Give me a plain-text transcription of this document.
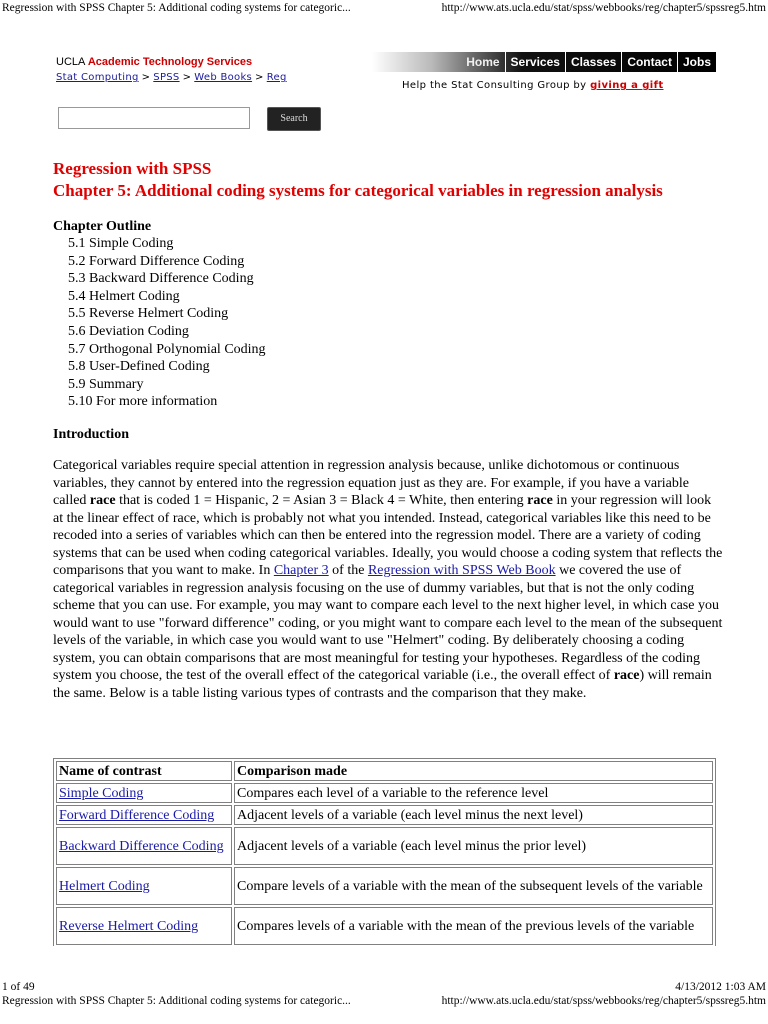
Regression with SPSS Chapter 5: Additional coding systems for categoric...	http://www.ats.ucla.edu/stat/spss/webbooks/reg/chapter5/spssreg5.htm
UCLA Academic Technology Services
Stat Computing > SPSS > Web Books > Reg
Home Services Classes Contact Jobs
Help the Stat Consulting Group by giving a gift
Search
Regression with SPSS
Chapter 5: Additional coding systems for categorical variables in regression analysis
Chapter Outline
5.1 Simple Coding
5.2 Forward Difference Coding
5.3 Backward Difference Coding
5.4 Helmert Coding
5.5 Reverse Helmert Coding
5.6 Deviation Coding
5.7 Orthogonal Polynomial Coding
5.8 User-Defined Coding
5.9 Summary
5.10 For more information
Introduction

Categorical variables require special attention in regression analysis because, unlike dichotomous or continuous variables, they cannot by entered into the regression equation just as they are. For example, if you have a variable called race that is coded 1 = Hispanic, 2 = Asian 3 = Black 4 = White, then entering race in your regression will look at the linear effect of race, which is probably not what you intended. Instead, categorical variables like this need to be recoded into a series of variables which can then be entered into the regression model. There are a variety of coding systems that can be used when coding categorical variables. Ideally, you would choose a coding system that reflects the comparisons that you want to make. In Chapter 3 of the Regression with SPSS Web Book we covered the use of categorical variables in regression analysis focusing on the use of dummy variables, but that is not the only coding scheme that you can use. For example, you may want to compare each level to the next higher level, in which case you would want to use "forward difference" coding, or you might want to compare each level to the mean of the subsequent levels of the variable, in which case you would want to use "Helmert" coding. By deliberately choosing a coding system, you can obtain comparisons that are most meaningful for testing your hypotheses. Regardless of the coding system you choose, the test of the overall effect of the categorical variable (i.e., the overall effect of race) will remain the same. Below is a table listing various types of contrasts and the comparison that they make.

Name of contrast	Comparison made
Simple Coding	Compares each level of a variable to the reference level
Forward Difference Coding	Adjacent levels of a variable (each level minus the next level)
Backward Difference Coding	Adjacent levels of a variable (each level minus the prior level)
Helmert Coding	Compare levels of a variable with the mean of the subsequent levels of the variable
Reverse Helmert Coding	Compares levels of a variable with the mean of the previous levels of the variable
1 of 49	4/13/2012 1:03 AM
Regression with SPSS Chapter 5: Additional coding systems for categoric...	http://www.ats.ucla.edu/stat/spss/webbooks/reg/chapter5/spssreg5.htm
